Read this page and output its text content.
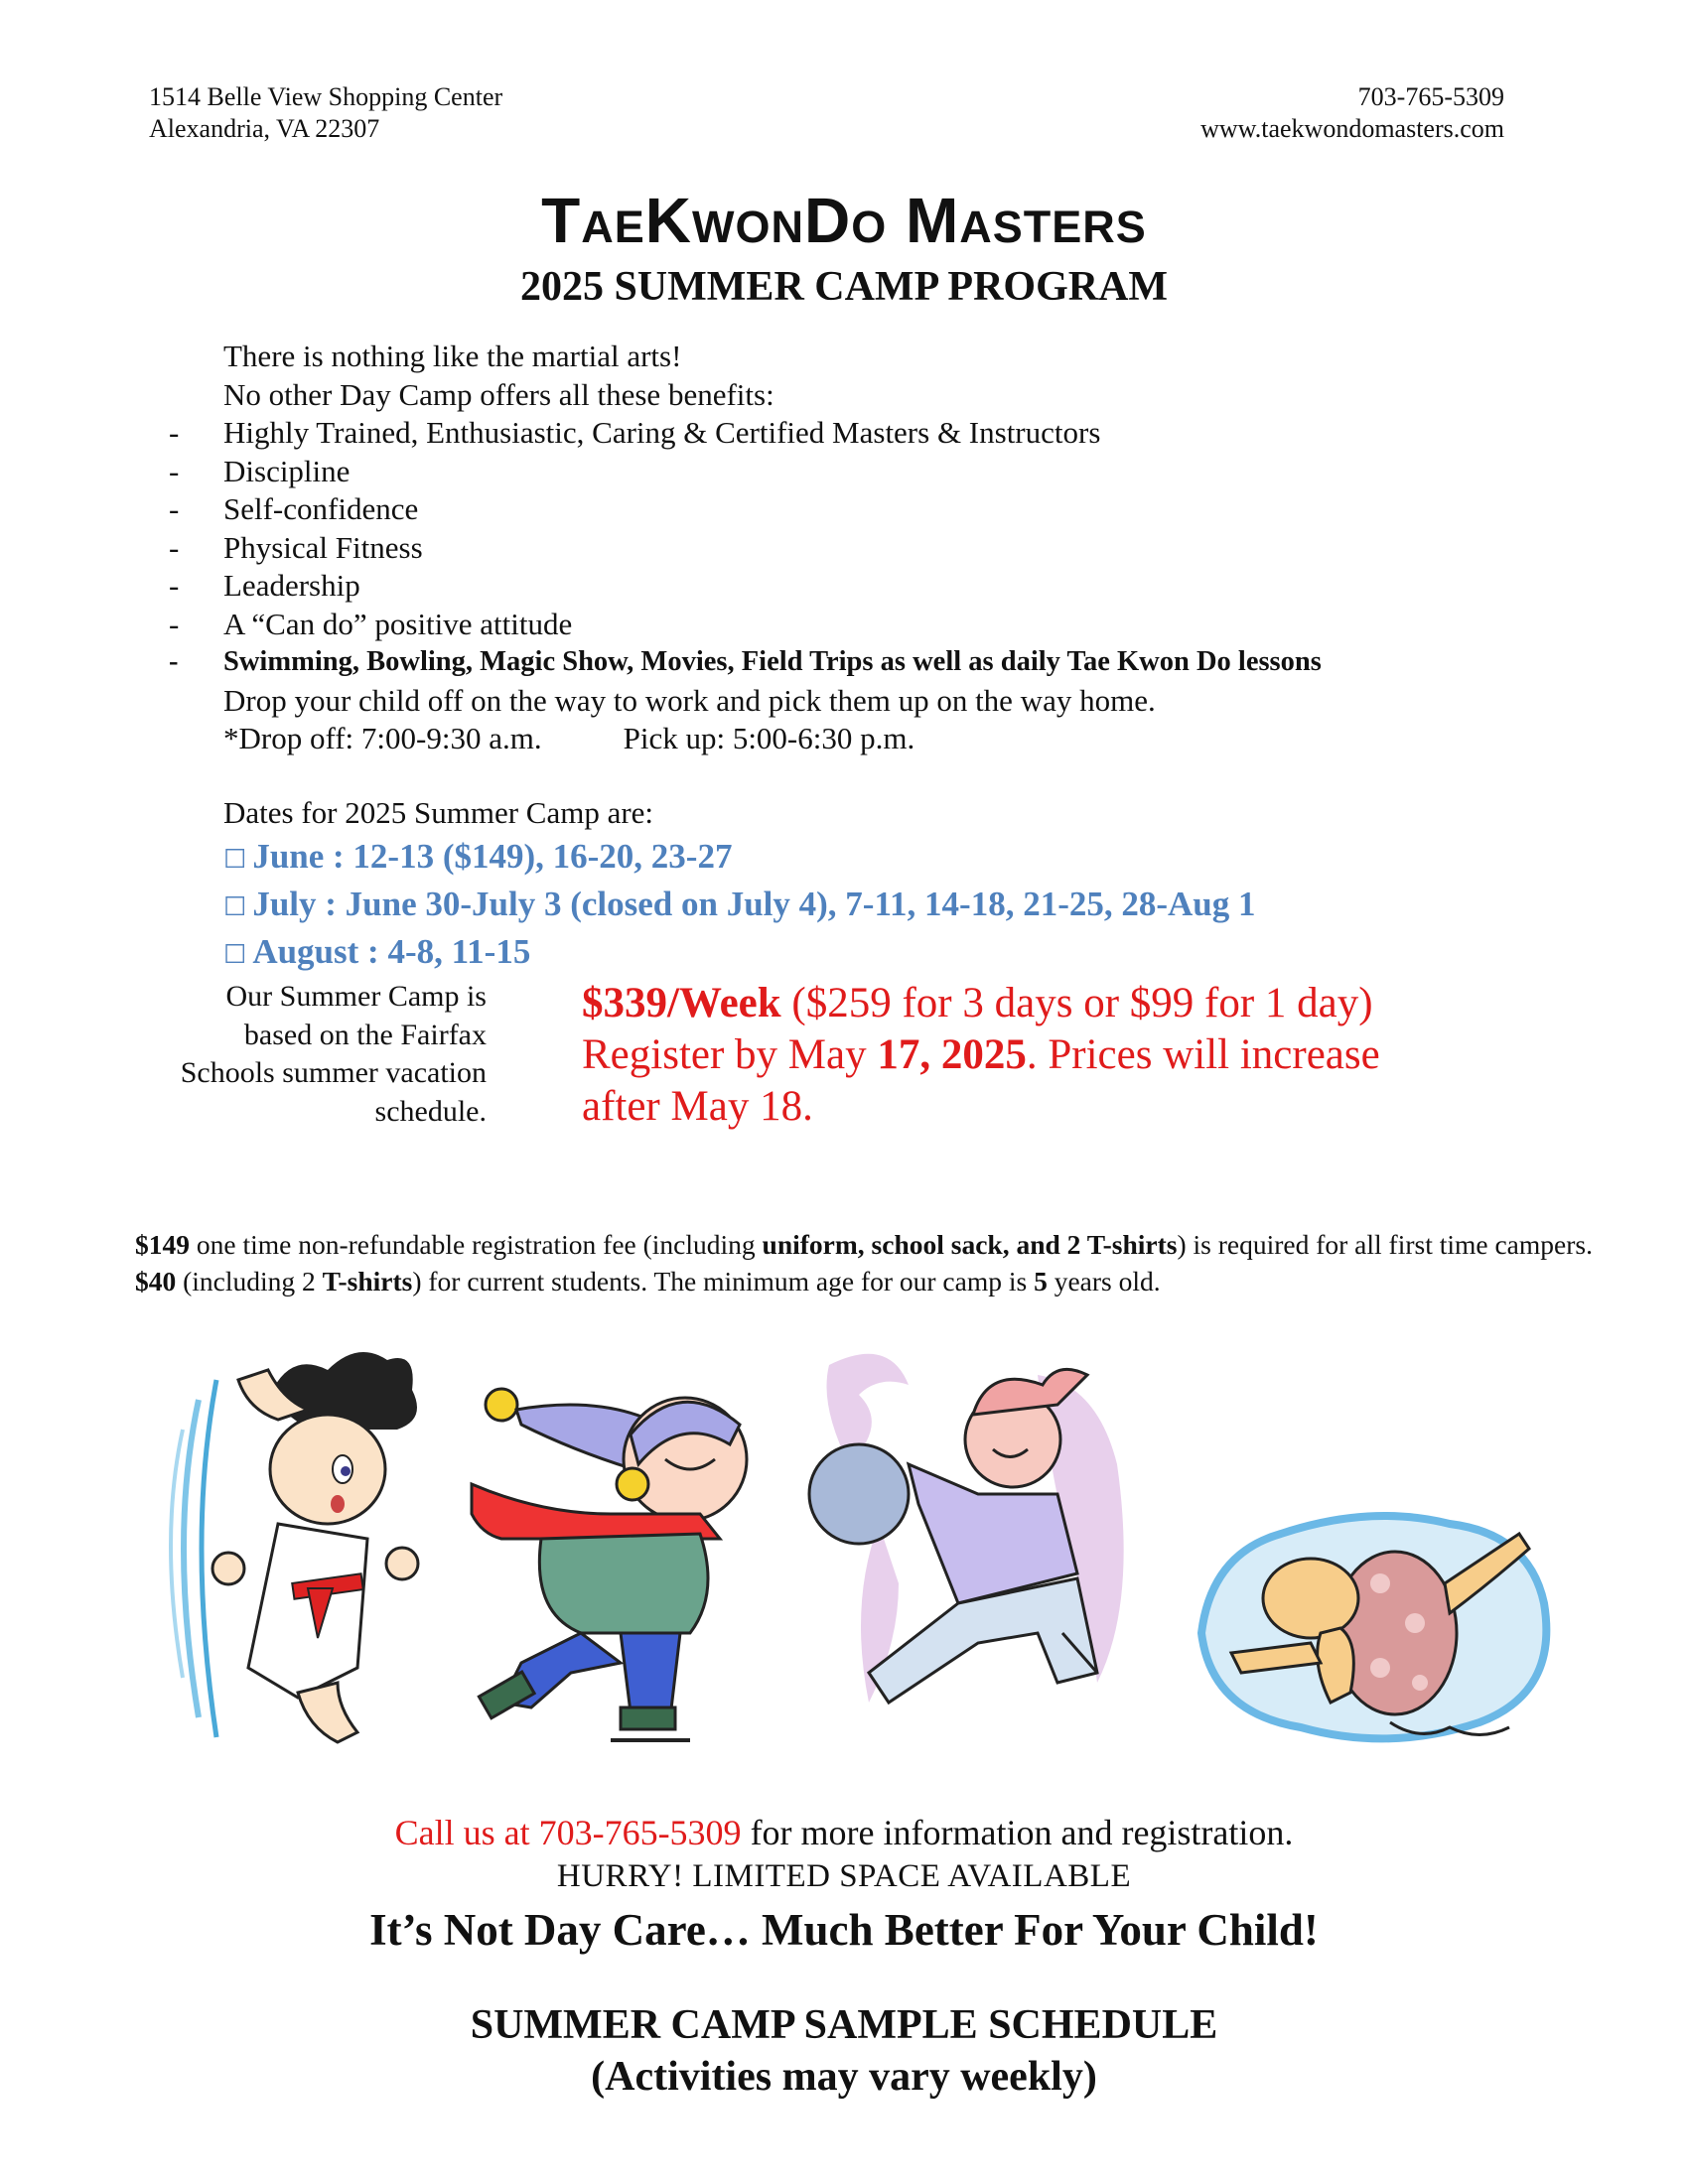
1514 Belle View Shopping Center
Alexandria, VA 22307
703-765-5309
www.taekwondomasters.com
TaeKwonDo Masters
2025 SUMMER CAMP PROGRAM
There is nothing like the martial arts!
No other Day Camp offers all these benefits:
- Highly Trained, Enthusiastic, Caring & Certified Masters & Instructors
- Discipline
- Self-confidence
- Physical Fitness
- Leadership
- A “Can do” positive attitude
- Swimming, Bowling, Magic Show, Movies, Field Trips as well as daily Tae Kwon Do lessons
Drop your child off on the way to work and pick them up on the way home.
*Drop off: 7:00-9:30 a.m.	Pick up: 5:00-6:30 p.m.
Dates for 2025 Summer Camp are:
☐ June : 12-13 ($149), 16-20, 23-27
☐ July : June 30-July 3 (closed on July 4), 7-11, 14-18, 21-25, 28-Aug 1
☐ August : 4-8, 11-15
Our Summer Camp is
based on the Fairfax
Schools summer vacation
schedule.
$339/Week ($259 for 3 days or $99 for 1 day)
Register by May 17, 2025. Prices will increase
after May 18.
$149 one time non-refundable registration fee (including uniform, school sack, and 2 T-shirts) is required for all first time campers. $40 (including 2 T-shirts) for current students. The minimum age for our camp is 5 years old.
Call us at 703-765-5309 for more information and registration.
HURRY! LIMITED SPACE AVAILABLE
It’s Not Day Care… Much Better For Your Child!
SUMMER CAMP SAMPLE SCHEDULE
(Activities may vary weekly)
